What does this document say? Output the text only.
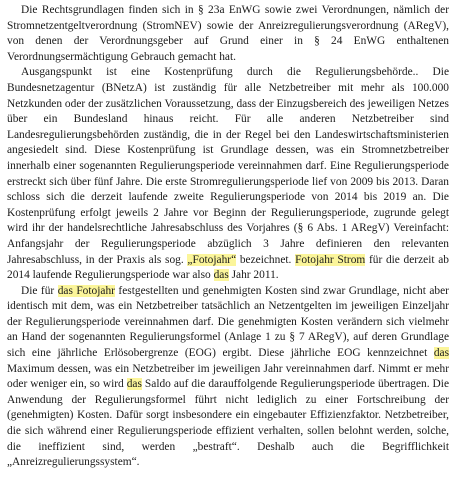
Die Rechtsgrundlagen finden sich in § 23a EnWG sowie zwei Verordnungen, nämlich der Stromnetzentgeltverordnung (StromNEV) sowie der Anreizregulierungsverordnung (ARegV), von denen der Verordnungsgeber auf Grund einer in § 24 EnWG enthaltenen Verordnungsermächtigung Gebrauch gemacht hat.

Ausgangspunkt ist eine Kostenprüfung durch die Regulierungsbehörde.. Die Bundesnetzagentur (BNetzA) ist zuständig für alle Netzbetreiber mit mehr als 100.000 Netzkunden oder der zusätzlichen Voraussetzung, dass der Einzugsbereich des jeweiligen Netzes über ein Bundesland hinaus reicht. Für alle anderen Netzbetreiber sind Landesregulierungsbehörden zuständig, die in der Regel bei den Landeswirtschaftsministerien angesiedelt sind. Diese Kostenprüfung ist Grundlage dessen, was ein Stromnetzbetreiber innerhalb einer sogenannten Regulierungsperiode vereinnahmen darf. Eine Regulierungsperiode erstreckt sich über fünf Jahre. Die erste Stromregulierungsperiode lief von 2009 bis 2013. Daran schloss sich die derzeit laufende zweite Regulierungsperiode von 2014 bis 2019 an. Die Kostenprüfung erfolgt jeweils 2 Jahre vor Beginn der Regulierungsperiode, zugrunde gelegt wird ihr der handelsrechtliche Jahresabschluss des Vorjahres (§ 6 Abs. 1 ARegV) Vereinfacht: Anfangsjahr der Regulierungsperiode abzüglich 3 Jahre definieren den relevanten Jahresabschluss, in der Praxis als sog. „Fotojahr“ bezeichnet. Fotojahr Strom für die derzeit ab 2014 laufende Regulierungsperiode war also das Jahr 2011.

Die für das Fotojahr festgestellten und genehmigten Kosten sind zwar Grundlage, nicht aber identisch mit dem, was ein Netzbetreiber tatsächlich an Netzentgelten im jeweiligen Einzeljahr der Regulierungsperiode vereinnahmen darf. Die genehmigten Kosten verändern sich vielmehr an Hand der sogenannten Regulierungsformel (Anlage 1 zu § 7 ARegV), auf deren Grundlage sich eine jährliche Erlösobergrenze (EOG) ergibt. Diese jährliche EOG kennzeichnet das Maximum dessen, was ein Netzbetreiber im jeweiligen Jahr vereinnahmen darf. Nimmt er mehr oder weniger ein, so wird das Saldo auf die darauffolgende Regulierungsperiode übertragen. Die Anwendung der Regulierungsformel führt nicht lediglich zu einer Fortschreibung der (genehmigten) Kosten. Dafür sorgt insbesondere ein eingebauter Effizienzfaktor. Netzbetreiber, die sich während einer Regulierungsperiode effizient verhalten, sollen belohnt werden, solche, die ineffizient sind, werden „bestraft“. Deshalb auch die Begrifflichkeit „Anreizregulierungssystem“.
